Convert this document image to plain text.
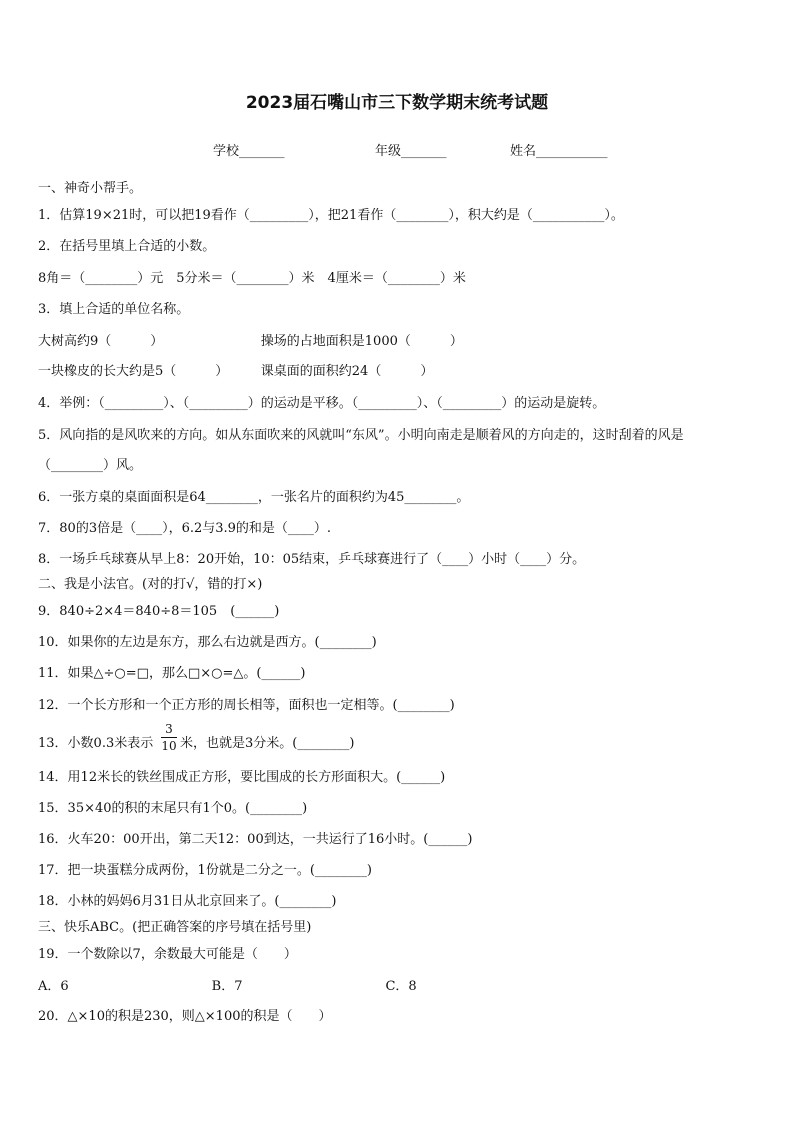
2023届石嘴山市三下数学期末统考试题
学校_______	年级_______	姓名___________
一、神奇小帮手。
1．估算19×21时，可以把19看作（_________），把21看作（________），积大约是（___________）。
2．在括号里填上合适的小数。
8角＝（________）元　5分米＝（________）米　4厘米＝（________）米
3．填上合适的单位名称。
大树高约9（　　　）　　　　　　　　操场的占地面积是1000（　　　）
一块橡皮的长大约是5（　　　）　　　课桌面的面积约24（　　　）
4．举例：（_________）、（_________）的运动是平移。（_________）、（_________）的运动是旋转。
5．风向指的是风吹来的方向。如从东面吹来的风就叫“东风”。小明向南走是顺着风的方向走的，这时刮着的风是
（________）风。
6．一张方桌的桌面面积是64________，一张名片的面积约为45________。
7．80的3倍是（____），6.2与3.9的和是（____）.
8．一场乒乓球赛从早上8：20开始，10：05结束，乒乓球赛进行了（____）小时（____）分。
二、我是小法官。(对的打√，错的打×)
9．840÷2×4＝840÷8＝105　(______)
10．如果你的左边是东方，那么右边就是西方。(________)
11．如果△÷○=□，那么□×○=△。(______)
12．一个长方形和一个正方形的周长相等，面积也一定相等。(________)
13．小数0.3米表示
3
10 米，也就是3分米。(________)
14．用12米长的铁丝围成正方形，要比围成的长方形面积大。(______)
15．35×40的积的末尾只有1个0。(________)
16．火车20：00开出，第二天12：00到达，一共运行了16小时。(______)
17．把一块蛋糕分成两份，1份就是二分之一。(________)
18．小林的妈妈6月31日从北京回来了。(________)
三、快乐ABC。(把正确答案的序号填在括号里)
19．一个数除以7，余数最大可能是（　　）
A．6　　　　　　　　　　　B．7　　　　　　　　　　　C．8
20．△×10的积是230，则△×100的积是（　　）
